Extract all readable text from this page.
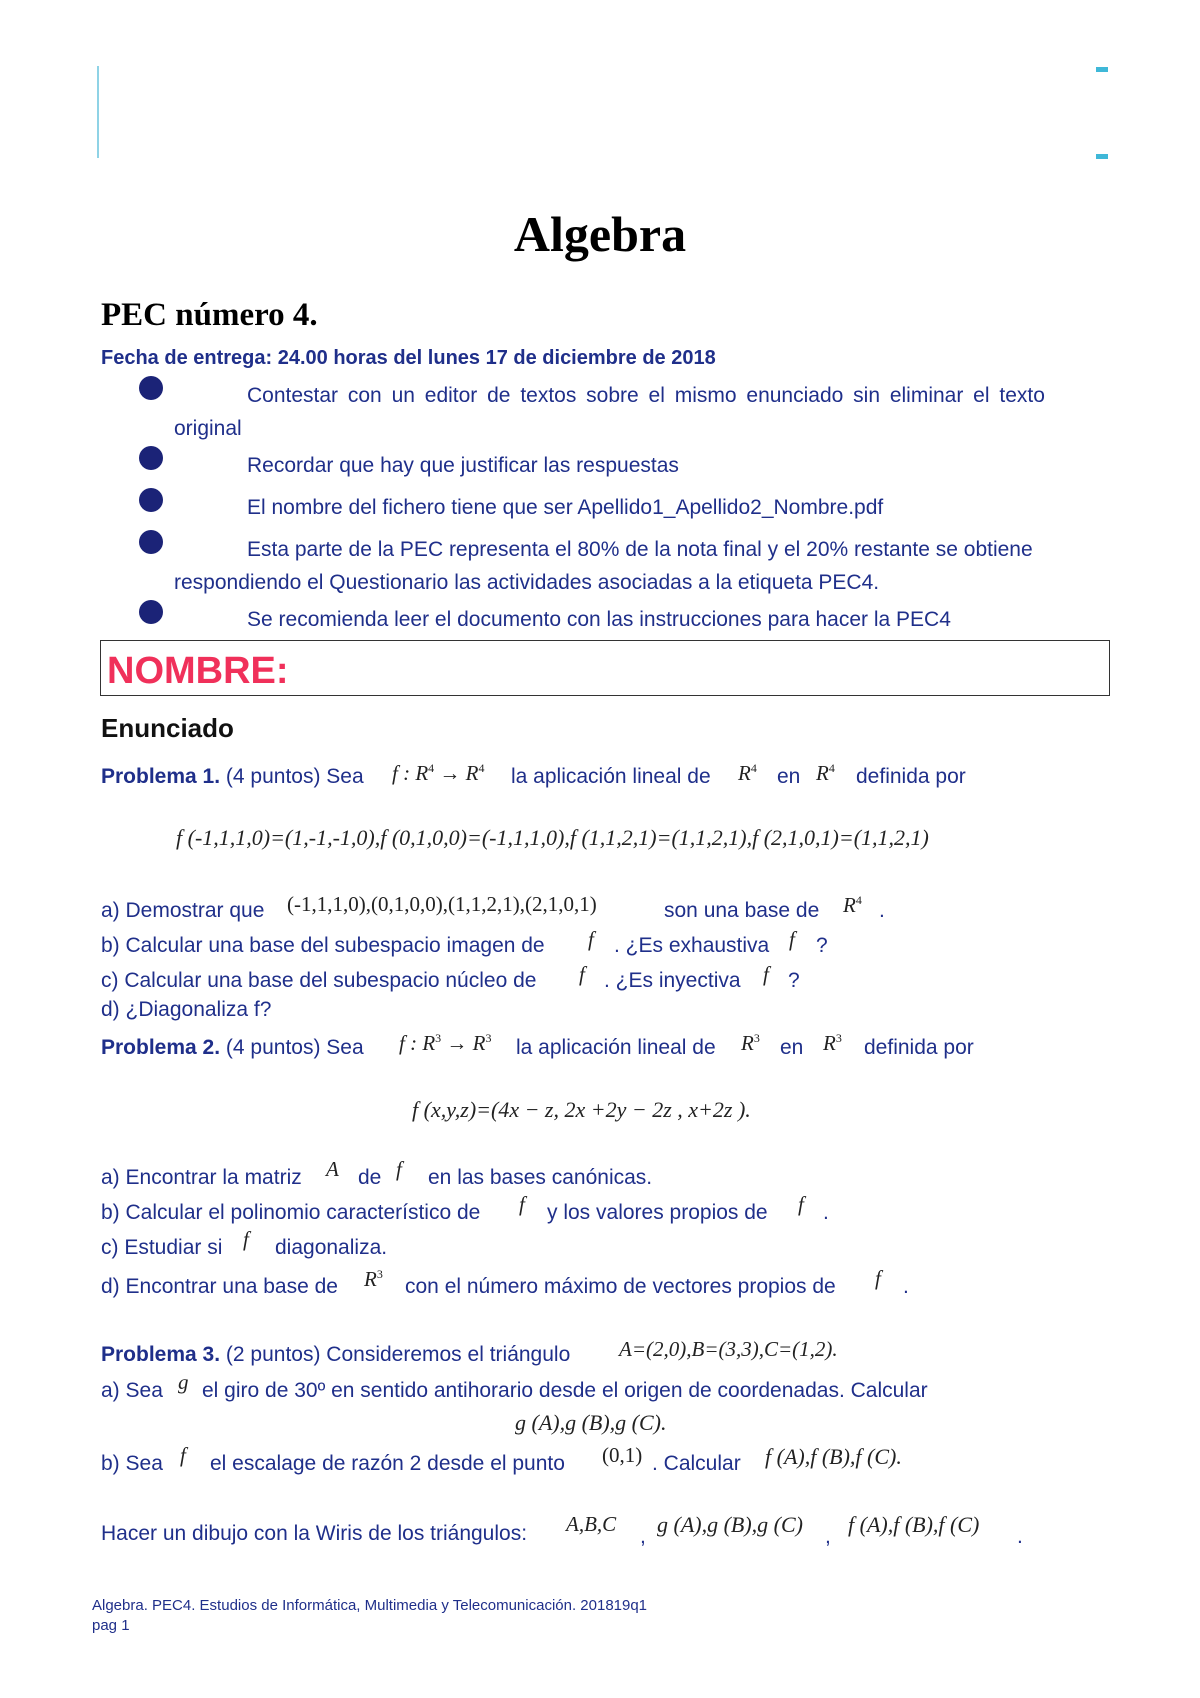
Algebra
PEC número 4.
Fecha de entrega: 24.00 horas del lunes 17 de diciembre de 2018
Contestar con un editor de textos sobre el mismo enunciado sin eliminar el texto
original
Recordar que hay que justificar las respuestas
El nombre del fichero tiene que ser Apellido1_Apellido2_Nombre.pdf
Esta parte de la PEC representa el 80% de la nota final y el 20% restante se obtiene
respondiendo el Questionario las actividades asociadas a la etiqueta PEC4.
Se recomienda leer el documento con las instrucciones para hacer la PEC4
NOMBRE:
Enunciado
Problema 1. (4 puntos) Sea f : $R^4 \to R^4$ la aplicación lineal de $R^4$ en $R^4$ definida por
f (-1,1,1,0)=(1,-1,-1,0),f (0,1,0,0)=(-1,1,1,0),f (1,1,2,1)=(1,1,2,1),f (2,1,0,1)=(1,1,2,1)
a) Demostrar que (-1,1,1,0),(0,1,0,0),(1,1,2,1),(2,1,0,1)	son una base de $R^4$ .
b) Calcular una base del subespacio imagen de f . ¿Es exhaustiva f ?
c) Calcular una base del subespacio núcleo de f . ¿Es inyectiva f ?
d) ¿Diagonaliza f?
Problema 2. (4 puntos) Sea f : $R^3 \to R^3$ la aplicación lineal de $R^3$ en $R^3$ definida por
f (x,y,z)=(4x − z, 2x +2y − 2z , x+2z ).
a) Encontrar la matriz A de f en las bases canónicas.
b) Calcular el polinomio característico de f y los valores propios de f .
c) Estudiar si f diagonaliza.
d) Encontrar una base de $R^3$
con el número máximo de vectores propios de f .
Problema 3. (2 puntos) Consideremos el triángulo A=(2,0),B=(3,3),C=(1,2).
a) Sea g el giro de 30º en sentido antihorario desde el origen de coordenadas. Calcular
g (A),g (B),g (C).
b) Sea f el escalage de razón 2 desde el punto (0,1) . Calcular f (A),f (B),f (C).
Hacer un dibujo con la Wiris de los triángulos: A,B,C
, g (A),g (B),g (C) , f (A),f (B),f (C) .
Algebra. PEC4. Estudios de Informática, Multimedia y Telecomunicación. 201819q1
pag 1
